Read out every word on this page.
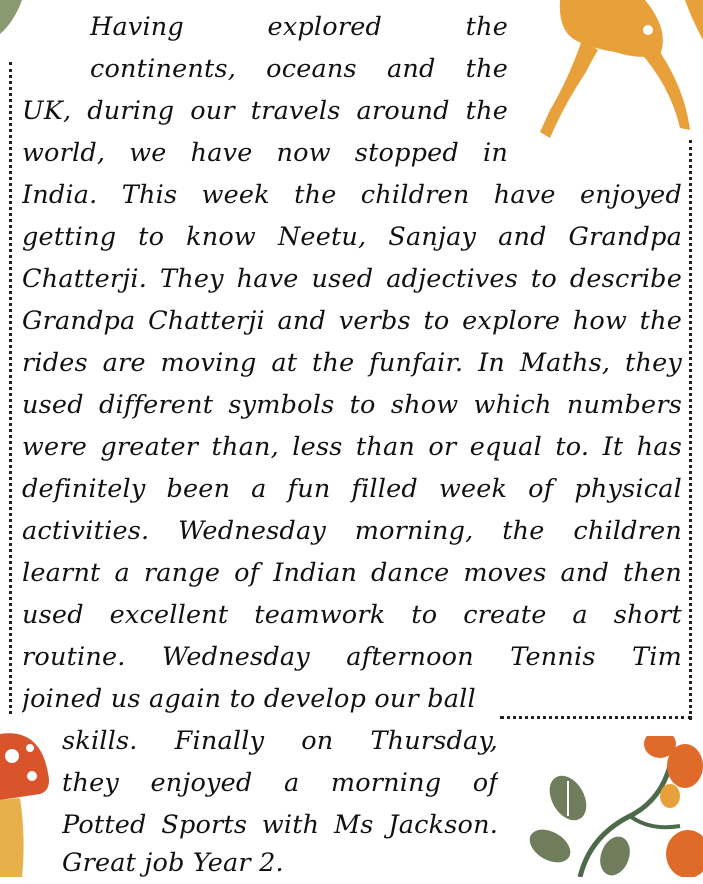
Having explored the
continents, oceans and the
UK, during our travels around the
world, we have now stopped in
India. This week the children have enjoyed
getting to know Neetu, Sanjay and Grandpa
Chatterji. They have used adjectives to describe
Grandpa Chatterji and verbs to explore how the
rides are moving at the funfair. In Maths, they
used different symbols to show which numbers
were greater than, less than or equal to. It has
definitely been a fun filled week of physical
activities. Wednesday morning, the children
learnt a range of Indian dance moves and then
used excellent teamwork to create a short
routine. Wednesday afternoon Tennis Tim
joined us again to develop our ball
skills. Finally on Thursday,
they enjoyed a morning of
Potted Sports with Ms Jackson.
Great job Year 2.
